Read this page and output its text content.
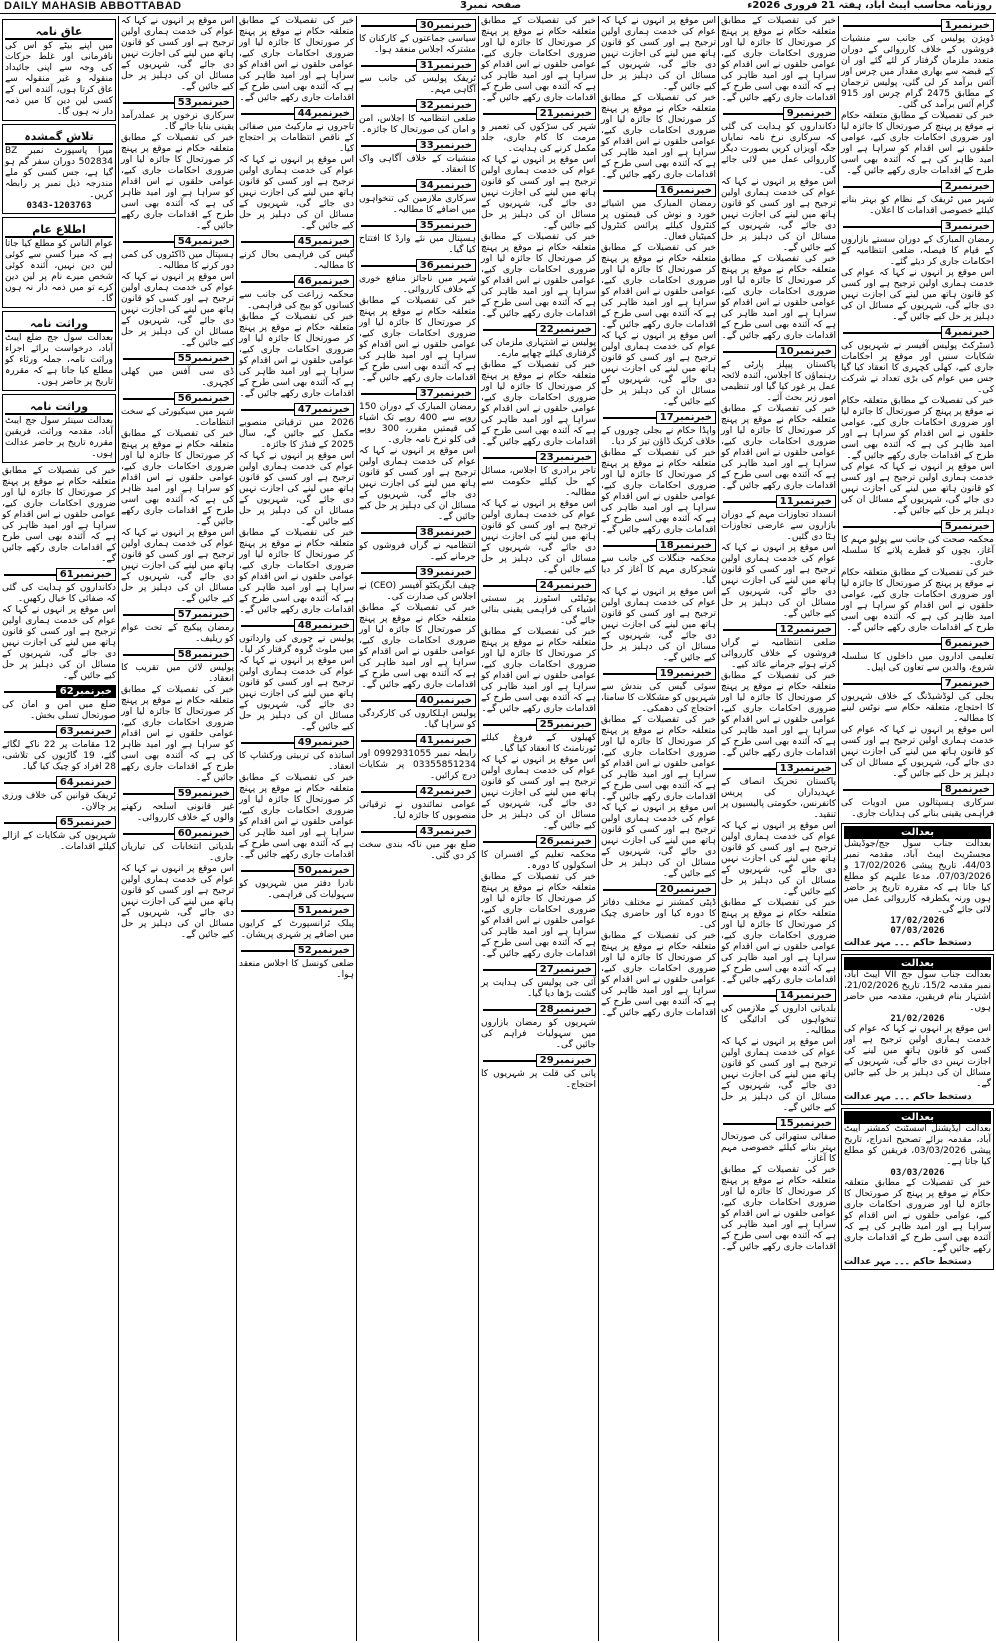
DAILY MAHASIB ABBOTTABAD	صفحہ نمبر3	روزنامہ محاسب ایبٹ آباد، ہفتہ 21 فروری 2026ء
خبرنمبر1
ڈویژن پولیس کی جانب سے منشیات فروشوں کے خلاف کارروائی کے دوران متعدد ملزمان گرفتار کر لئے گئے اور ان کے قبضہ سے بھاری مقدار میں چرس اور آئس برآمد کر لی گئی، پولیس ترجمان کے مطابق 2475 گرام چرس اور 915 گرام آئس برآمد کی گئی۔
خبر کی تفصیلات کے مطابق متعلقہ حکام نے موقع پر پہنچ کر صورتحال کا جائزہ لیا اور ضروری احکامات جاری کیے، عوامی حلقوں نے اس اقدام کو سراہا ہے اور امید ظاہر کی ہے کہ آئندہ بھی اسی طرح کے اقدامات جاری رکھے جائیں گے۔
خبرنمبر2
شہر میں ٹریفک کے نظام کو بہتر بنانے کیلئے خصوصی اقدامات کا اعلان۔
خبرنمبر3
رمضان المبارک کے دوران سستے بازاروں کے قیام کا فیصلہ، ضلعی انتظامیہ کے احکامات جاری کر دیئے گئے۔
اس موقع پر انہوں نے کہا کہ عوام کی خدمت ہماری اولین ترجیح ہے اور کسی کو قانون ہاتھ میں لینے کی اجازت نہیں دی جائے گی، شہریوں کے مسائل ان کی دہلیز پر حل کیے جائیں گے۔
خبرنمبر4
ڈسٹرکٹ پولیس آفیسر نے شہریوں کی شکایات سنیں اور موقع پر احکامات جاری کیے، کھلی کچہری کا انعقاد کیا گیا جس میں عوام کی بڑی تعداد نے شرکت کی۔
خبر کی تفصیلات کے مطابق متعلقہ حکام نے موقع پر پہنچ کر صورتحال کا جائزہ لیا اور ضروری احکامات جاری کیے، عوامی حلقوں نے اس اقدام کو سراہا ہے اور امید ظاہر کی ہے کہ آئندہ بھی اسی طرح کے اقدامات جاری رکھے جائیں گے۔
اس موقع پر انہوں نے کہا کہ عوام کی خدمت ہماری اولین ترجیح ہے اور کسی کو قانون ہاتھ میں لینے کی اجازت نہیں دی جائے گی، شہریوں کے مسائل ان کی دہلیز پر حل کیے جائیں گے۔
خبرنمبر5
محکمہ صحت کی جانب سے پولیو مہم کا آغاز، بچوں کو قطرے پلانے کا سلسلہ جاری۔
خبر کی تفصیلات کے مطابق متعلقہ حکام نے موقع پر پہنچ کر صورتحال کا جائزہ لیا اور ضروری احکامات جاری کیے، عوامی حلقوں نے اس اقدام کو سراہا ہے اور امید ظاہر کی ہے کہ آئندہ بھی اسی طرح کے اقدامات جاری رکھے جائیں گے۔
خبرنمبر6
تعلیمی اداروں میں داخلوں کا سلسلہ شروع، والدین سے تعاون کی اپیل۔
خبرنمبر7
بجلی کی لوڈشیڈنگ کے خلاف شہریوں کا احتجاج، متعلقہ حکام سے نوٹس لینے کا مطالبہ۔
اس موقع پر انہوں نے کہا کہ عوام کی خدمت ہماری اولین ترجیح ہے اور کسی کو قانون ہاتھ میں لینے کی اجازت نہیں دی جائے گی، شہریوں کے مسائل ان کی دہلیز پر حل کیے جائیں گے۔
خبرنمبر8
سرکاری ہسپتالوں میں ادویات کی فراہمی یقینی بنانے کی ہدایات جاری۔
بعدالت
بعدالت جناب سول جج/جوڈیشل مجسٹریٹ ایبٹ آباد، مقدمہ نمبر 44/03، تاریخ پیشی 17/02/2026 و 07/03/2026، مدعا علیہم کو مطلع کیا جاتا ہے کہ مقررہ تاریخ پر حاضر ہوں ورنہ یکطرفہ کارروائی عمل میں لائی جائے گی۔
17/02/2026
07/03/2026
دستخط حاکم ۔۔۔ مہر عدالت
بعدالت
بعدالت جناب سول جج VII ایبٹ آباد، نمبر مقدمہ 15/2، تاریخ 21/02/2026، اشتہار بنام فریقین، مقدمہ میں حاضر ہوں۔
21/02/2026
اس موقع پر انہوں نے کہا کہ عوام کی خدمت ہماری اولین ترجیح ہے اور کسی کو قانون ہاتھ میں لینے کی اجازت نہیں دی جائے گی، شہریوں کے مسائل ان کی دہلیز پر حل کیے جائیں گے۔
دستخط حاکم ۔۔۔ مہر عدالت
بعدالت
بعدالت ایڈیشنل اسسٹنٹ کمشنر ایبٹ آباد، مقدمہ برائے تصحیح اندراج، تاریخ پیشی 03/03/2026، فریقین کو مطلع کیا جاتا ہے۔
03/03/2026
خبر کی تفصیلات کے مطابق متعلقہ حکام نے موقع پر پہنچ کر صورتحال کا جائزہ لیا اور ضروری احکامات جاری کیے، عوامی حلقوں نے اس اقدام کو سراہا ہے اور امید ظاہر کی ہے کہ آئندہ بھی اسی طرح کے اقدامات جاری رکھے جائیں گے۔
دستخط حاکم ۔۔۔ مہر عدالت
خبر کی تفصیلات کے مطابق متعلقہ حکام نے موقع پر پہنچ کر صورتحال کا جائزہ لیا اور ضروری احکامات جاری کیے، عوامی حلقوں نے اس اقدام کو سراہا ہے اور امید ظاہر کی ہے کہ آئندہ بھی اسی طرح کے اقدامات جاری رکھے جائیں گے۔
خبرنمبر9
دکانداروں کو ہدایت کی گئی کہ سرکاری نرخ نامہ نمایاں جگہ آویزاں کریں بصورت دیگر کارروائی عمل میں لائی جائے گی۔
اس موقع پر انہوں نے کہا کہ عوام کی خدمت ہماری اولین ترجیح ہے اور کسی کو قانون ہاتھ میں لینے کی اجازت نہیں دی جائے گی، شہریوں کے مسائل ان کی دہلیز پر حل کیے جائیں گے۔
خبر کی تفصیلات کے مطابق متعلقہ حکام نے موقع پر پہنچ کر صورتحال کا جائزہ لیا اور ضروری احکامات جاری کیے، عوامی حلقوں نے اس اقدام کو سراہا ہے اور امید ظاہر کی ہے کہ آئندہ بھی اسی طرح کے اقدامات جاری رکھے جائیں گے۔
خبرنمبر10
پاکستان پیپلز پارٹی کے رہنماؤں کا اجلاس، آئندہ لائحہ عمل پر غور کیا گیا اور تنظیمی امور زیر بحث آئے۔
خبر کی تفصیلات کے مطابق متعلقہ حکام نے موقع پر پہنچ کر صورتحال کا جائزہ لیا اور ضروری احکامات جاری کیے، عوامی حلقوں نے اس اقدام کو سراہا ہے اور امید ظاہر کی ہے کہ آئندہ بھی اسی طرح کے اقدامات جاری رکھے جائیں گے۔
خبرنمبر11
انسداد تجاوزات مہم کے دوران بازاروں سے عارضی تجاوزات ہٹا دی گئیں۔
اس موقع پر انہوں نے کہا کہ عوام کی خدمت ہماری اولین ترجیح ہے اور کسی کو قانون ہاتھ میں لینے کی اجازت نہیں دی جائے گی، شہریوں کے مسائل ان کی دہلیز پر حل کیے جائیں گے۔
خبرنمبر12
ضلعی انتظامیہ نے گراں فروشوں کے خلاف کارروائی کرتے ہوئے جرمانے عائد کیے۔
خبر کی تفصیلات کے مطابق متعلقہ حکام نے موقع پر پہنچ کر صورتحال کا جائزہ لیا اور ضروری احکامات جاری کیے، عوامی حلقوں نے اس اقدام کو سراہا ہے اور امید ظاہر کی ہے کہ آئندہ بھی اسی طرح کے اقدامات جاری رکھے جائیں گے۔
خبرنمبر13
پاکستان تحریک انصاف کے عہدیداران کی پریس کانفرنس، حکومتی پالیسیوں پر تنقید۔
اس موقع پر انہوں نے کہا کہ عوام کی خدمت ہماری اولین ترجیح ہے اور کسی کو قانون ہاتھ میں لینے کی اجازت نہیں دی جائے گی، شہریوں کے مسائل ان کی دہلیز پر حل کیے جائیں گے۔
خبر کی تفصیلات کے مطابق متعلقہ حکام نے موقع پر پہنچ کر صورتحال کا جائزہ لیا اور ضروری احکامات جاری کیے، عوامی حلقوں نے اس اقدام کو سراہا ہے اور امید ظاہر کی ہے کہ آئندہ بھی اسی طرح کے اقدامات جاری رکھے جائیں گے۔
خبرنمبر14
بلدیاتی اداروں کے ملازمین کی تنخواہوں کی ادائیگی کا مطالبہ۔
اس موقع پر انہوں نے کہا کہ عوام کی خدمت ہماری اولین ترجیح ہے اور کسی کو قانون ہاتھ میں لینے کی اجازت نہیں دی جائے گی، شہریوں کے مسائل ان کی دہلیز پر حل کیے جائیں گے۔
خبرنمبر15
صفائی ستھرائی کی صورتحال بہتر بنانے کیلئے خصوصی مہم کا آغاز۔
خبر کی تفصیلات کے مطابق متعلقہ حکام نے موقع پر پہنچ کر صورتحال کا جائزہ لیا اور ضروری احکامات جاری کیے، عوامی حلقوں نے اس اقدام کو سراہا ہے اور امید ظاہر کی ہے کہ آئندہ بھی اسی طرح کے اقدامات جاری رکھے جائیں گے۔
اس موقع پر انہوں نے کہا کہ عوام کی خدمت ہماری اولین ترجیح ہے اور کسی کو قانون ہاتھ میں لینے کی اجازت نہیں دی جائے گی، شہریوں کے مسائل ان کی دہلیز پر حل کیے جائیں گے۔
خبر کی تفصیلات کے مطابق متعلقہ حکام نے موقع پر پہنچ کر صورتحال کا جائزہ لیا اور ضروری احکامات جاری کیے، عوامی حلقوں نے اس اقدام کو سراہا ہے اور امید ظاہر کی ہے کہ آئندہ بھی اسی طرح کے اقدامات جاری رکھے جائیں گے۔
خبرنمبر16
رمضان المبارک میں اشیائے خورد و نوش کی قیمتوں پر کنٹرول کیلئے پرائس کنٹرول کمیٹیاں فعال۔
خبر کی تفصیلات کے مطابق متعلقہ حکام نے موقع پر پہنچ کر صورتحال کا جائزہ لیا اور ضروری احکامات جاری کیے، عوامی حلقوں نے اس اقدام کو سراہا ہے اور امید ظاہر کی ہے کہ آئندہ بھی اسی طرح کے اقدامات جاری رکھے جائیں گے۔
اس موقع پر انہوں نے کہا کہ عوام کی خدمت ہماری اولین ترجیح ہے اور کسی کو قانون ہاتھ میں لینے کی اجازت نہیں دی جائے گی، شہریوں کے مسائل ان کی دہلیز پر حل کیے جائیں گے۔
خبرنمبر17
واپڈا حکام نے بجلی چوروں کے خلاف کریک ڈاؤن تیز کر دیا۔
خبر کی تفصیلات کے مطابق متعلقہ حکام نے موقع پر پہنچ کر صورتحال کا جائزہ لیا اور ضروری احکامات جاری کیے، عوامی حلقوں نے اس اقدام کو سراہا ہے اور امید ظاہر کی ہے کہ آئندہ بھی اسی طرح کے اقدامات جاری رکھے جائیں گے۔
خبرنمبر18
محکمہ جنگلات کی جانب سے شجرکاری مہم کا آغاز کر دیا گیا۔
اس موقع پر انہوں نے کہا کہ عوام کی خدمت ہماری اولین ترجیح ہے اور کسی کو قانون ہاتھ میں لینے کی اجازت نہیں دی جائے گی، شہریوں کے مسائل ان کی دہلیز پر حل کیے جائیں گے۔
خبرنمبر19
سوئی گیس کی بندش سے شہریوں کو مشکلات کا سامنا، احتجاج کی دھمکی۔
خبر کی تفصیلات کے مطابق متعلقہ حکام نے موقع پر پہنچ کر صورتحال کا جائزہ لیا اور ضروری احکامات جاری کیے، عوامی حلقوں نے اس اقدام کو سراہا ہے اور امید ظاہر کی ہے کہ آئندہ بھی اسی طرح کے اقدامات جاری رکھے جائیں گے۔
اس موقع پر انہوں نے کہا کہ عوام کی خدمت ہماری اولین ترجیح ہے اور کسی کو قانون ہاتھ میں لینے کی اجازت نہیں دی جائے گی، شہریوں کے مسائل ان کی دہلیز پر حل کیے جائیں گے۔
خبرنمبر20
ڈپٹی کمشنر نے مختلف دفاتر کا دورہ کیا اور حاضری چیک کی۔
خبر کی تفصیلات کے مطابق متعلقہ حکام نے موقع پر پہنچ کر صورتحال کا جائزہ لیا اور ضروری احکامات جاری کیے، عوامی حلقوں نے اس اقدام کو سراہا ہے اور امید ظاہر کی ہے کہ آئندہ بھی اسی طرح کے اقدامات جاری رکھے جائیں گے۔
خبر کی تفصیلات کے مطابق متعلقہ حکام نے موقع پر پہنچ کر صورتحال کا جائزہ لیا اور ضروری احکامات جاری کیے، عوامی حلقوں نے اس اقدام کو سراہا ہے اور امید ظاہر کی ہے کہ آئندہ بھی اسی طرح کے اقدامات جاری رکھے جائیں گے۔
خبرنمبر21
شہر کی سڑکوں کی تعمیر و مرمت کا کام جاری، جلد مکمل کرنے کی ہدایت۔
اس موقع پر انہوں نے کہا کہ عوام کی خدمت ہماری اولین ترجیح ہے اور کسی کو قانون ہاتھ میں لینے کی اجازت نہیں دی جائے گی، شہریوں کے مسائل ان کی دہلیز پر حل کیے جائیں گے۔
خبر کی تفصیلات کے مطابق متعلقہ حکام نے موقع پر پہنچ کر صورتحال کا جائزہ لیا اور ضروری احکامات جاری کیے، عوامی حلقوں نے اس اقدام کو سراہا ہے اور امید ظاہر کی ہے کہ آئندہ بھی اسی طرح کے اقدامات جاری رکھے جائیں گے۔
خبرنمبر22
پولیس نے اشتہاری ملزمان کی گرفتاری کیلئے چھاپے مارے۔
خبر کی تفصیلات کے مطابق متعلقہ حکام نے موقع پر پہنچ کر صورتحال کا جائزہ لیا اور ضروری احکامات جاری کیے، عوامی حلقوں نے اس اقدام کو سراہا ہے اور امید ظاہر کی ہے کہ آئندہ بھی اسی طرح کے اقدامات جاری رکھے جائیں گے۔
خبرنمبر23
تاجر برادری کا اجلاس، مسائل کے حل کیلئے حکومت سے مطالبہ۔
اس موقع پر انہوں نے کہا کہ عوام کی خدمت ہماری اولین ترجیح ہے اور کسی کو قانون ہاتھ میں لینے کی اجازت نہیں دی جائے گی، شہریوں کے مسائل ان کی دہلیز پر حل کیے جائیں گے۔
خبرنمبر24
یوٹیلٹی اسٹورز پر سستی اشیاء کی فراہمی یقینی بنائی جائے گی۔
خبر کی تفصیلات کے مطابق متعلقہ حکام نے موقع پر پہنچ کر صورتحال کا جائزہ لیا اور ضروری احکامات جاری کیے، عوامی حلقوں نے اس اقدام کو سراہا ہے اور امید ظاہر کی ہے کہ آئندہ بھی اسی طرح کے اقدامات جاری رکھے جائیں گے۔
خبرنمبر25
کھیلوں کے فروغ کیلئے ٹورنامنٹ کا انعقاد کیا گیا۔
اس موقع پر انہوں نے کہا کہ عوام کی خدمت ہماری اولین ترجیح ہے اور کسی کو قانون ہاتھ میں لینے کی اجازت نہیں دی جائے گی، شہریوں کے مسائل ان کی دہلیز پر حل کیے جائیں گے۔
خبرنمبر26
محکمہ تعلیم کے افسران کا اسکولوں کا دورہ۔
خبر کی تفصیلات کے مطابق متعلقہ حکام نے موقع پر پہنچ کر صورتحال کا جائزہ لیا اور ضروری احکامات جاری کیے، عوامی حلقوں نے اس اقدام کو سراہا ہے اور امید ظاہر کی ہے کہ آئندہ بھی اسی طرح کے اقدامات جاری رکھے جائیں گے۔
خبرنمبر27
آئی جی پولیس کی ہدایت پر گشت بڑھا دیا گیا۔
خبرنمبر28
شہریوں کو رمضان بازاروں میں سہولیات فراہم کی جائیں گی۔
خبرنمبر29
پانی کی قلت پر شہریوں کا احتجاج۔
خبرنمبر30
سیاسی جماعتوں کے کارکنان کا مشترکہ اجلاس منعقد ہوا۔
خبرنمبر31
ٹریفک پولیس کی جانب سے آگاہی مہم۔
خبرنمبر32
ضلعی انتظامیہ کا اجلاس، امن و امان کی صورتحال کا جائزہ۔
خبرنمبر33
منشیات کے خلاف آگاہی واک کا انعقاد۔
خبرنمبر34
سرکاری ملازمین کی تنخواہوں میں اضافے کا مطالبہ۔
خبرنمبر35
ہسپتال میں نئے وارڈ کا افتتاح کیا گیا۔
خبرنمبر36
شہر میں ناجائز منافع خوری کے خلاف کارروائی۔
خبر کی تفصیلات کے مطابق متعلقہ حکام نے موقع پر پہنچ کر صورتحال کا جائزہ لیا اور ضروری احکامات جاری کیے، عوامی حلقوں نے اس اقدام کو سراہا ہے اور امید ظاہر کی ہے کہ آئندہ بھی اسی طرح کے اقدامات جاری رکھے جائیں گے۔
خبرنمبر37
رمضان المبارک کے دوران 150 روپے سے 400 روپے تک اشیاء کی قیمتیں مقرر، 300 روپے فی کلو نرخ نامہ جاری۔
اس موقع پر انہوں نے کہا کہ عوام کی خدمت ہماری اولین ترجیح ہے اور کسی کو قانون ہاتھ میں لینے کی اجازت نہیں دی جائے گی، شہریوں کے مسائل ان کی دہلیز پر حل کیے جائیں گے۔
خبرنمبر38
انتظامیہ نے گراں فروشوں کو جرمانے کیے۔
خبرنمبر39
چیف ایگزیکٹو آفیسر (CEO) نے اجلاس کی صدارت کی۔
خبر کی تفصیلات کے مطابق متعلقہ حکام نے موقع پر پہنچ کر صورتحال کا جائزہ لیا اور ضروری احکامات جاری کیے، عوامی حلقوں نے اس اقدام کو سراہا ہے اور امید ظاہر کی ہے کہ آئندہ بھی اسی طرح کے اقدامات جاری رکھے جائیں گے۔
خبرنمبر40
پولیس اہلکاروں کی کارکردگی کو سراہا گیا۔
خبرنمبر41
رابطہ نمبر 0992931055 اور 03355851234 پر شکایات درج کرائیں۔
خبرنمبر42
عوامی نمائندوں نے ترقیاتی منصوبوں کا جائزہ لیا۔
خبرنمبر43
ضلع بھر میں ناکہ بندی سخت کر دی گئی۔
خبر کی تفصیلات کے مطابق متعلقہ حکام نے موقع پر پہنچ کر صورتحال کا جائزہ لیا اور ضروری احکامات جاری کیے، عوامی حلقوں نے اس اقدام کو سراہا ہے اور امید ظاہر کی ہے کہ آئندہ بھی اسی طرح کے اقدامات جاری رکھے جائیں گے۔
خبرنمبر44
تاجروں نے مارکیٹ میں صفائی کے ناقص انتظامات پر احتجاج کیا۔
اس موقع پر انہوں نے کہا کہ عوام کی خدمت ہماری اولین ترجیح ہے اور کسی کو قانون ہاتھ میں لینے کی اجازت نہیں دی جائے گی، شہریوں کے مسائل ان کی دہلیز پر حل کیے جائیں گے۔
خبرنمبر45
گیس کی فراہمی بحال کرنے کا مطالبہ۔
خبرنمبر46
محکمہ زراعت کی جانب سے کسانوں کو بیج کی فراہمی۔
خبر کی تفصیلات کے مطابق متعلقہ حکام نے موقع پر پہنچ کر صورتحال کا جائزہ لیا اور ضروری احکامات جاری کیے، عوامی حلقوں نے اس اقدام کو سراہا ہے اور امید ظاہر کی ہے کہ آئندہ بھی اسی طرح کے اقدامات جاری رکھے جائیں گے۔
خبرنمبر47
2026 میں ترقیاتی منصوبے مکمل کیے جائیں گے، سال 2025 کے فنڈز کا جائزہ۔
اس موقع پر انہوں نے کہا کہ عوام کی خدمت ہماری اولین ترجیح ہے اور کسی کو قانون ہاتھ میں لینے کی اجازت نہیں دی جائے گی، شہریوں کے مسائل ان کی دہلیز پر حل کیے جائیں گے۔
خبر کی تفصیلات کے مطابق متعلقہ حکام نے موقع پر پہنچ کر صورتحال کا جائزہ لیا اور ضروری احکامات جاری کیے، عوامی حلقوں نے اس اقدام کو سراہا ہے اور امید ظاہر کی ہے کہ آئندہ بھی اسی طرح کے اقدامات جاری رکھے جائیں گے۔
خبرنمبر48
پولیس نے چوری کی وارداتوں میں ملوث گروہ گرفتار کر لیا۔
اس موقع پر انہوں نے کہا کہ عوام کی خدمت ہماری اولین ترجیح ہے اور کسی کو قانون ہاتھ میں لینے کی اجازت نہیں دی جائے گی، شہریوں کے مسائل ان کی دہلیز پر حل کیے جائیں گے۔
خبرنمبر49
اساتذہ کی تربیتی ورکشاپ کا انعقاد۔
خبر کی تفصیلات کے مطابق متعلقہ حکام نے موقع پر پہنچ کر صورتحال کا جائزہ لیا اور ضروری احکامات جاری کیے، عوامی حلقوں نے اس اقدام کو سراہا ہے اور امید ظاہر کی ہے کہ آئندہ بھی اسی طرح کے اقدامات جاری رکھے جائیں گے۔
خبرنمبر50
نادرا دفتر میں شہریوں کو سہولیات کی فراہمی۔
خبرنمبر51
پبلک ٹرانسپورٹ کے کرایوں میں اضافے پر شہری پریشان۔
خبرنمبر52
ضلعی کونسل کا اجلاس منعقد ہوا۔
اس موقع پر انہوں نے کہا کہ عوام کی خدمت ہماری اولین ترجیح ہے اور کسی کو قانون ہاتھ میں لینے کی اجازت نہیں دی جائے گی، شہریوں کے مسائل ان کی دہلیز پر حل کیے جائیں گے۔
خبرنمبر53
سرکاری نرخوں پر عملدرآمد یقینی بنایا جائے گا۔
خبر کی تفصیلات کے مطابق متعلقہ حکام نے موقع پر پہنچ کر صورتحال کا جائزہ لیا اور ضروری احکامات جاری کیے، عوامی حلقوں نے اس اقدام کو سراہا ہے اور امید ظاہر کی ہے کہ آئندہ بھی اسی طرح کے اقدامات جاری رکھے جائیں گے۔
خبرنمبر54
ہسپتال میں ڈاکٹروں کی کمی دور کرنے کا مطالبہ۔
اس موقع پر انہوں نے کہا کہ عوام کی خدمت ہماری اولین ترجیح ہے اور کسی کو قانون ہاتھ میں لینے کی اجازت نہیں دی جائے گی، شہریوں کے مسائل ان کی دہلیز پر حل کیے جائیں گے۔
خبرنمبر55
ڈی سی آفس میں کھلی کچہری۔
خبرنمبر56
شہر میں سیکیورٹی کے سخت انتظامات۔
خبر کی تفصیلات کے مطابق متعلقہ حکام نے موقع پر پہنچ کر صورتحال کا جائزہ لیا اور ضروری احکامات جاری کیے، عوامی حلقوں نے اس اقدام کو سراہا ہے اور امید ظاہر کی ہے کہ آئندہ بھی اسی طرح کے اقدامات جاری رکھے جائیں گے۔
اس موقع پر انہوں نے کہا کہ عوام کی خدمت ہماری اولین ترجیح ہے اور کسی کو قانون ہاتھ میں لینے کی اجازت نہیں دی جائے گی، شہریوں کے مسائل ان کی دہلیز پر حل کیے جائیں گے۔
خبرنمبر57
رمضان پیکیج کے تحت عوام کو ریلیف۔
خبرنمبر58
پولیس لائن میں تقریب کا انعقاد۔
خبر کی تفصیلات کے مطابق متعلقہ حکام نے موقع پر پہنچ کر صورتحال کا جائزہ لیا اور ضروری احکامات جاری کیے، عوامی حلقوں نے اس اقدام کو سراہا ہے اور امید ظاہر کی ہے کہ آئندہ بھی اسی طرح کے اقدامات جاری رکھے جائیں گے۔
خبرنمبر59
غیر قانونی اسلحہ رکھنے والوں کے خلاف کارروائی۔
خبرنمبر60
بلدیاتی انتخابات کی تیاریاں جاری۔
اس موقع پر انہوں نے کہا کہ عوام کی خدمت ہماری اولین ترجیح ہے اور کسی کو قانون ہاتھ میں لینے کی اجازت نہیں دی جائے گی، شہریوں کے مسائل ان کی دہلیز پر حل کیے جائیں گے۔
عاق نامہ
میں اپنے بیٹے کو اس کی نافرمانی اور غلط حرکات کی وجہ سے اپنی جائیداد منقولہ و غیر منقولہ سے عاق کرتا ہوں، آئندہ اس کے کسی لین دین کا میں ذمہ دار نہ ہوں گا۔
تلاش گمشدہ
میرا پاسپورٹ نمبر BZ 502834 دوران سفر گم ہو گیا ہے، جس کسی کو ملے مندرجہ ذیل نمبر پر رابطہ کریں۔
0343-1203763
اطلاع عام
عوام الناس کو مطلع کیا جاتا ہے کہ میرا کسی سے کوئی لین دین نہیں، آئندہ کوئی شخص میرے نام پر لین دین کرے تو میں ذمہ دار نہ ہوں گا۔
وراثت نامہ
بعدالت سول جج ضلع ایبٹ آباد، درخواست برائے اجراء وراثت نامہ، جملہ ورثاء کو مطلع کیا جاتا ہے کہ مقررہ تاریخ پر حاضر ہوں۔
وراثت نامہ
بعدالت سینئر سول جج ایبٹ آباد، مقدمہ وراثت، فریقین مقررہ تاریخ پر حاضر عدالت ہوں۔
خبر کی تفصیلات کے مطابق متعلقہ حکام نے موقع پر پہنچ کر صورتحال کا جائزہ لیا اور ضروری احکامات جاری کیے، عوامی حلقوں نے اس اقدام کو سراہا ہے اور امید ظاہر کی ہے کہ آئندہ بھی اسی طرح کے اقدامات جاری رکھے جائیں گے۔
خبرنمبر61
دکانداروں کو ہدایت کی گئی کہ صفائی کا خیال رکھیں۔
اس موقع پر انہوں نے کہا کہ عوام کی خدمت ہماری اولین ترجیح ہے اور کسی کو قانون ہاتھ میں لینے کی اجازت نہیں دی جائے گی، شہریوں کے مسائل ان کی دہلیز پر حل کیے جائیں گے۔
خبرنمبر62
ضلع میں امن و امان کی صورتحال تسلی بخش۔
خبرنمبر63
12 مقامات پر 22 ناکے لگائے گئے، 19 گاڑیوں کی تلاشی، 28 افراد کو چیک کیا گیا۔
خبرنمبر64
ٹریفک قوانین کی خلاف ورزی پر چالان۔
خبرنمبر65
شہریوں کی شکایات کے ازالے کیلئے اقدامات۔
